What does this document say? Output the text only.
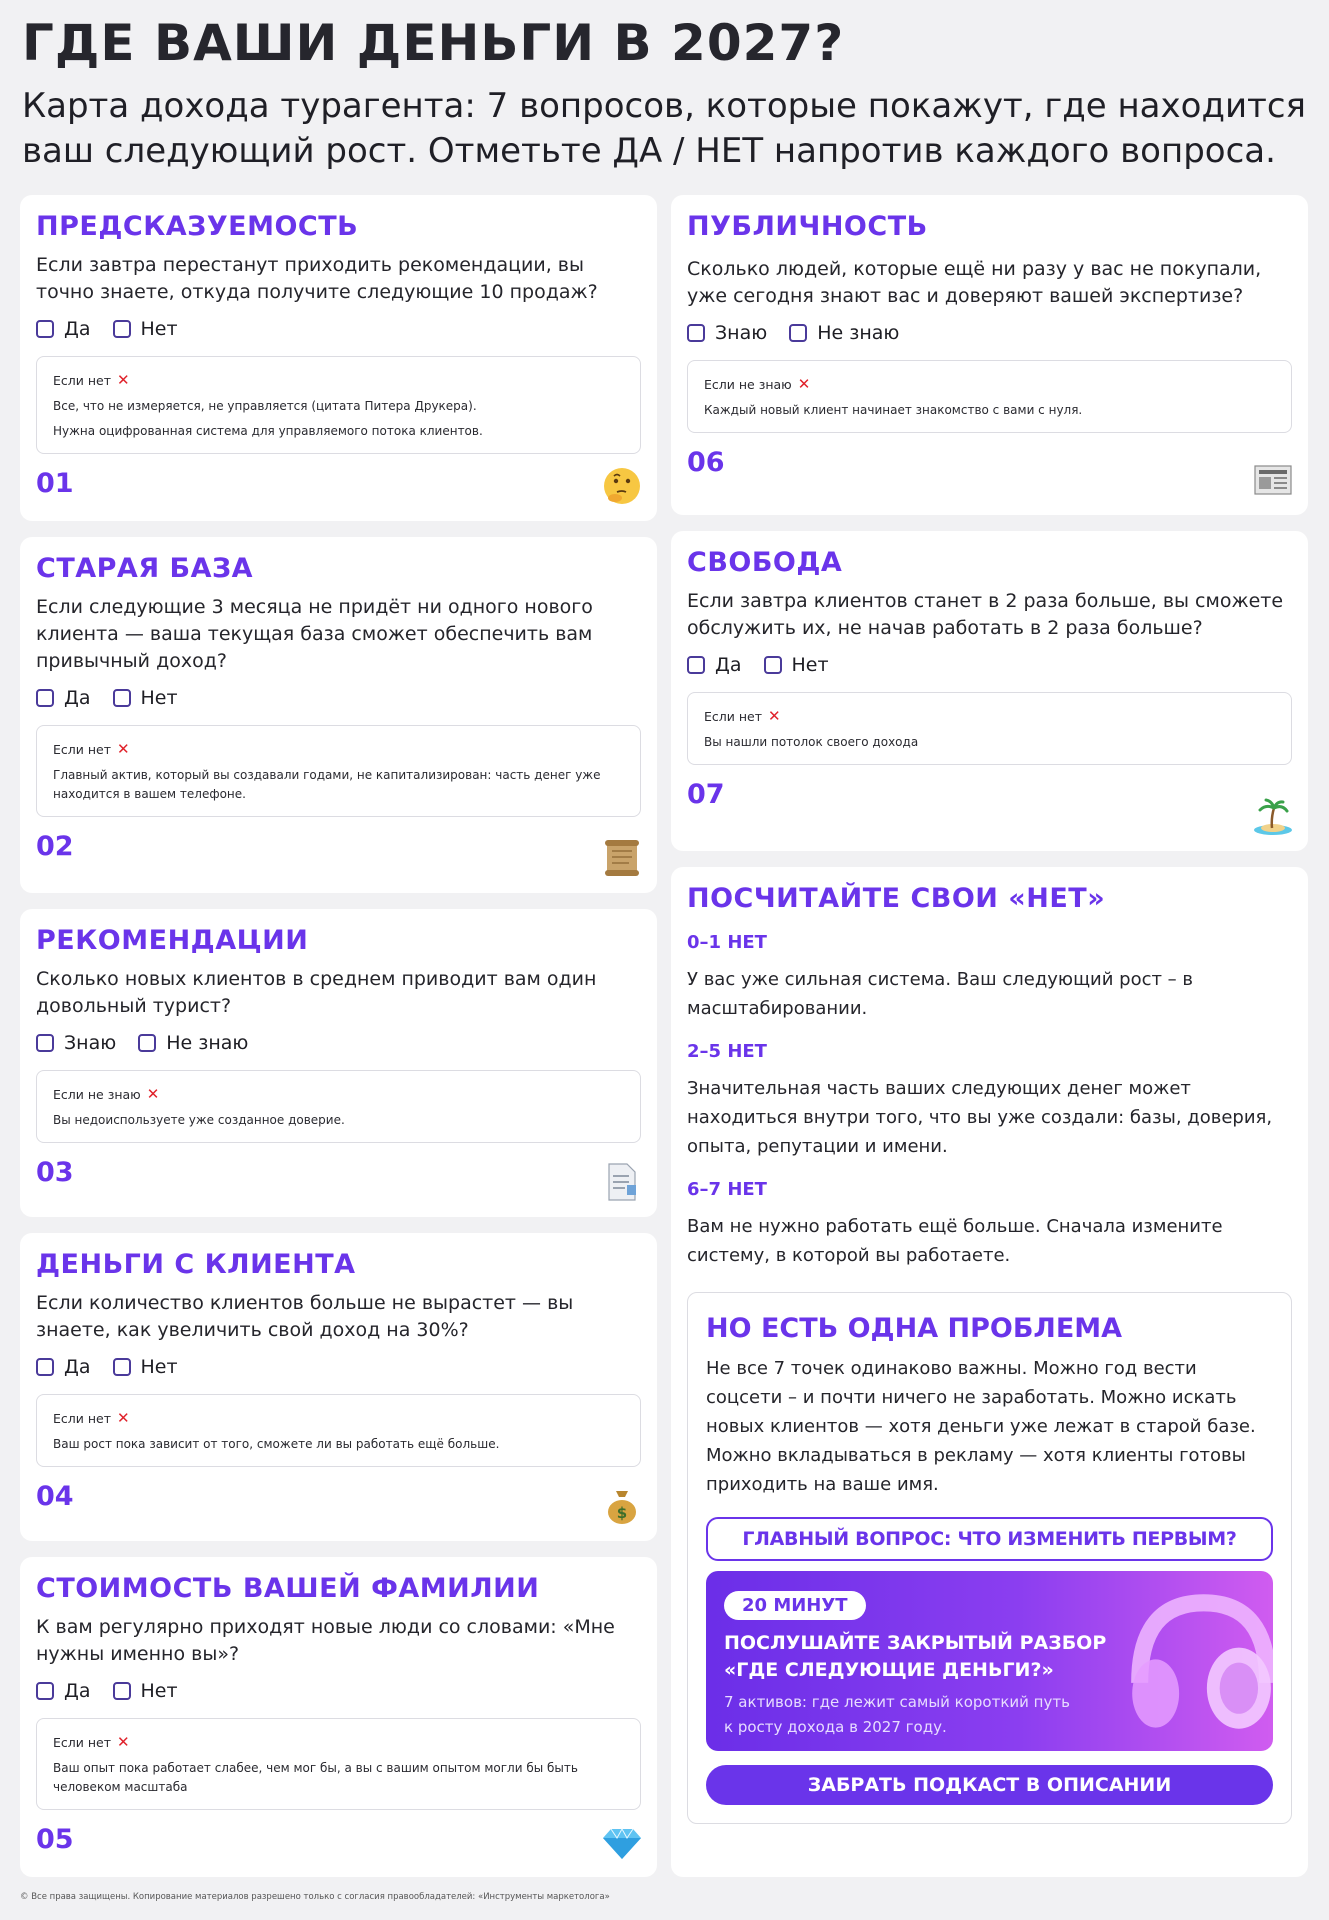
ГДЕ ВАШИ ДЕНЬГИ В 2027?
Карта дохода турагента: 7 вопросов, которые покажут, где находится ваш следующий рост. Отметьте ДА / НЕТ напротив каждого вопроса.
ПРЕДСКАЗУЕМОСТЬ
Если завтра перестанут приходить рекомендации, вы точно знаете, откуда получите следующие 10 продаж?
Да	Нет
Если нет ✕
Все, что не измеряется, не управляется (цитата Питера Друкера).
Нужна оцифрованная система для управляемого потока клиентов.
01
СТАРАЯ БАЗА
Если следующие 3 месяца не придёт ни одного нового клиента — ваша текущая база сможет обеспечить вам привычный доход?
Да	Нет
Если нет ✕
Главный актив, который вы создавали годами, не капитализирован: часть денег уже находится в вашем телефоне.
02
РЕКОМЕНДАЦИИ
Сколько новых клиентов в среднем приводит вам один довольный турист?
Знаю	Не знаю
Если не знаю ✕
Вы недоиспользуете уже созданное доверие.
03
ДЕНЬГИ С КЛИЕНТА
Если количество клиентов больше не вырастет — вы знаете, как увеличить свой доход на 30%?
Да	Нет
Если нет ✕
Ваш рост пока зависит от того, сможете ли вы работать ещё больше.
04
$
СТОИМОСТЬ ВАШЕЙ ФАМИЛИИ
К вам регулярно приходят новые люди со словами: «Мне нужны именно вы»?
Да	Нет
Если нет ✕
Ваш опыт пока работает слабее, чем мог бы, а вы с вашим опытом могли бы быть человеком масштаба
05
ПУБЛИЧНОСТЬ
Сколько людей, которые ещё ни разу у вас не покупали, уже сегодня знают вас и доверяют вашей экспертизе?
Знаю	Не знаю
Если не знаю ✕
Каждый новый клиент начинает знакомство с вами с нуля.
06
СВОБОДА
Если завтра клиентов станет в 2 раза больше, вы сможете обслужить их, не начав работать в 2 раза больше?
Да	Нет
Если нет ✕
Вы нашли потолок своего дохода
07
ПОСЧИТАЙТЕ СВОИ «НЕТ»
0–1 НЕТ
У вас уже сильная система. Ваш следующий рост – в масштабировании.
2–5 НЕТ
Значительная часть ваших следующих денег может находиться внутри того, что вы уже создали: базы, доверия, опыта, репутации и имени.
6–7 НЕТ
Вам не нужно работать ещё больше. Сначала измените систему, в которой вы работаете.
НО ЕСТЬ ОДНА ПРОБЛЕМА

Не все 7 точек одинаково важны. Можно год вести соцсети – и почти ничего не заработать. Можно искать новых клиентов — хотя деньги уже лежат в старой базе. Можно вкладываться в рекламу — хотя клиенты готовы приходить на ваше имя.

ГЛАВНЫЙ ВОПРОС: ЧТО ИЗМЕНИТЬ ПЕРВЫМ?
20 МИНУТ
ПОСЛУШАЙТЕ ЗАКРЫТЫЙ РАЗБОР
«ГДЕ СЛЕДУЮЩИЕ ДЕНЬГИ?»
7 активов: где лежит самый короткий путь
к росту дохода в 2027 году.
ЗАБРАТЬ ПОДКАСТ В ОПИСАНИИ
© Все права защищены. Копирование материалов разрешено только с согласия правообладателей: «Инструменты маркетолога»
